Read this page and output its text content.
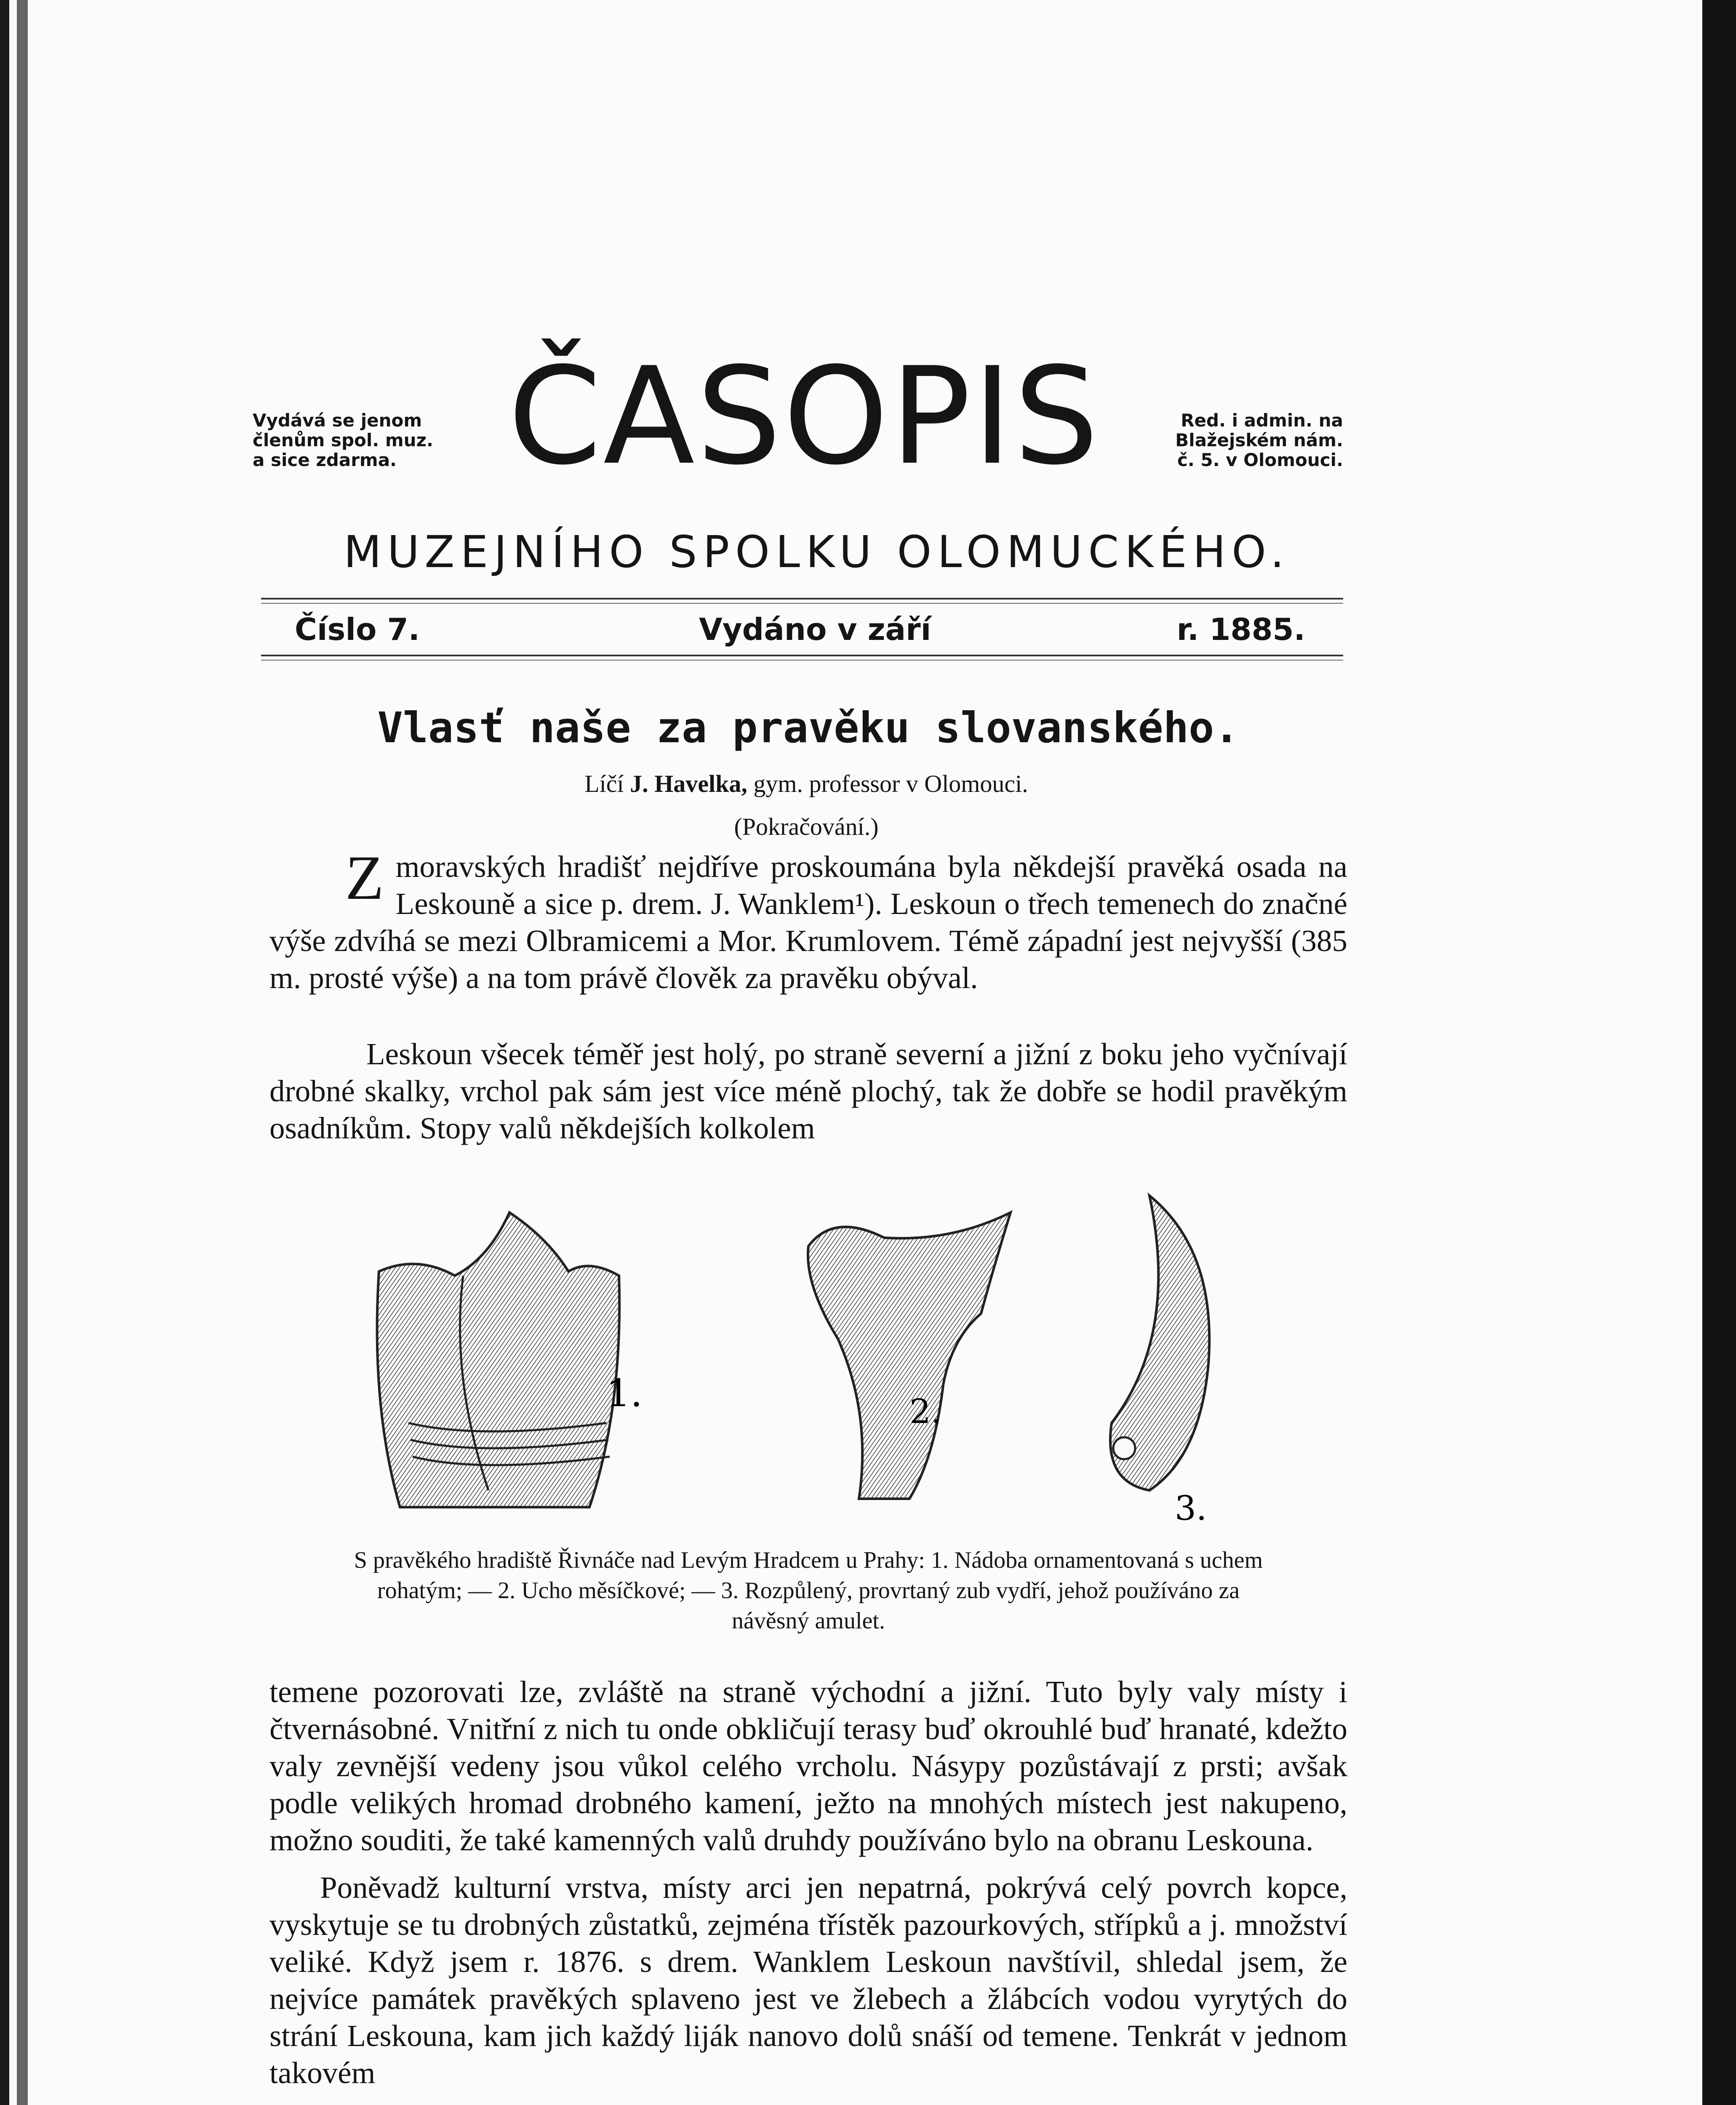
Vydává se jenom
členům spol. muz.
a sice zdarma. ČASOPIS	Red. i admin. na
Blažejském nám.
č. 5. v Olomouci.
MUZEJNÍHO SPOLKU OLOMUCKÉHO.
Číslo 7.	Vydáno v září	r. 1885.
Vlasť naše za pravěku slovanského.
Líčí J. Havelka, gym. professor v Olomouci.
(Pokračování.)
Z moravských hradišť nejdříve proskoumána byla někdejší pravěká osada na Leskouně a sice p. drem. J. Wanklem¹). Leskoun o třech temenech do značné výše zdvíhá se mezi Olbramicemi a Mor. Krumlovem. Témě západní jest nejvyšší (385 m. prosté výše) a na tom právě člověk za pravěku obýval.
Leskoun všecek téměř jest holý, po straně severní a jižní z boku jeho vyčnívají drobné skalky, vrchol pak sám jest více méně plochý, tak že dobře se hodil pravěkým osadníkům. Stopy valů někdejších kolkolem
1.	2.
3.
S pravěkého hradiště Řivnáče nad Levým Hradcem u Prahy: 1. Nádoba ornamentovaná s uchem rohatým; — 2. Ucho měsíčkové; — 3. Rozpůlený, provrtaný zub vydří, jehož používáno za návěsný amulet.
temene pozorovati lze, zvláště na straně východní a jižní. Tuto byly valy místy i čtvernásobné. Vnitřní z nich tu onde obkličují terasy buď okrouhlé buď hranaté, kdežto valy zevnější vedeny jsou vůkol celého vrcholu. Násypy pozůstávají z prsti; avšak podle velikých hromad drobného kamení, ježto na mnohých místech jest nakupeno, možno souditi, že také kamenných valů druhdy používáno bylo na obranu Leskouna.
Poněvadž kulturní vrstva, místy arci jen nepatrná, pokrývá celý povrch kopce, vyskytuje se tu drobných zůstatků, zejména třístěk pazourkových, střípků a j. množství veliké. Když jsem r. 1876. s drem. Wanklem Leskoun navštívil, shledal jsem, že nejvíce památek pravěkých splaveno jest ve žlebech a žlábcích vodou vyrytých do strání Leskouna, kam jich každý liják nanovo dolů snáší od temene. Tenkrát v jednom takovém
